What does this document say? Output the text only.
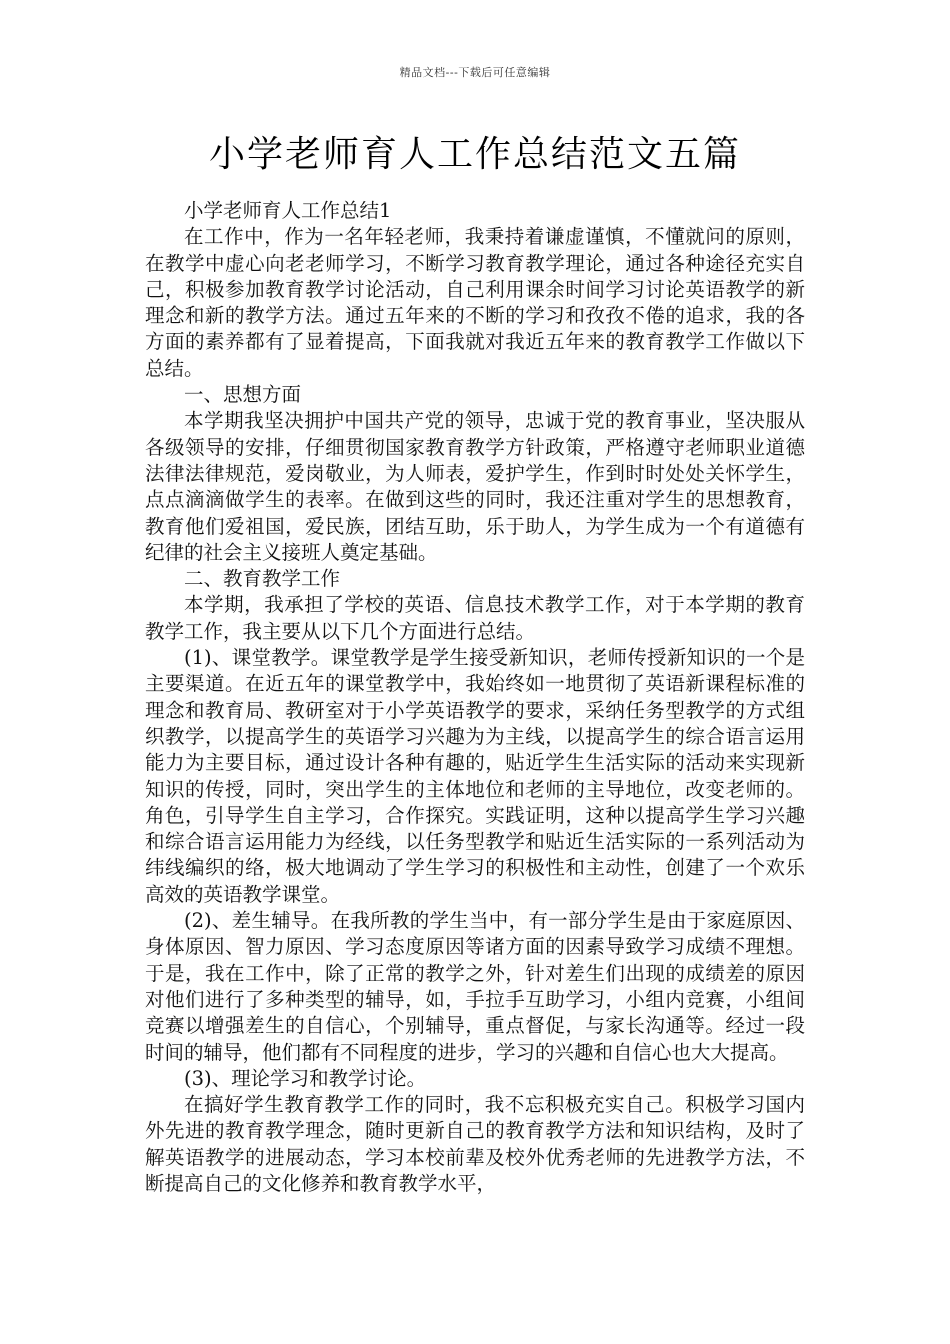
精品文档---下载后可任意编辑
小学老师育人工作总结范文五篇

小学老师育人工作总结1

在工作中，作为一名年轻老师，我秉持着谦虚谨慎，不懂就问的原则，在教学中虚心向老老师学习，不断学习教育教学理论，通过各种途径充实自己，积极参加教育教学讨论活动，自己利用课余时间学习讨论英语教学的新理念和新的教学方法。通过五年来的不断的学习和孜孜不倦的追求，我的各方面的素养都有了显着提高，下面我就对我近五年来的教育教学工作做以下总结。

一、思想方面

本学期我坚决拥护中国共产党的领导，忠诚于党的教育事业，坚决服从各级领导的安排，仔细贯彻国家教育教学方针政策，严格遵守老师职业道德法律法律规范，爱岗敬业，为人师表，爱护学生，作到时时处处关怀学生，点点滴滴做学生的表率。在做到这些的同时，我还注重对学生的思想教育，教育他们爱祖国，爱民族，团结互助，乐于助人，为学生成为一个有道德有纪律的社会主义接班人奠定基础。

二、教育教学工作

本学期，我承担了学校的英语、信息技术教学工作，对于本学期的教育教学工作，我主要从以下几个方面进行总结。

(1)、课堂教学。课堂教学是学生接受新知识，老师传授新知识的一个是主要渠道。在近五年的课堂教学中，我始终如一地贯彻了英语新课程标准的理念和教育局、教研室对于小学英语教学的要求，采纳任务型教学的方式组织教学，以提高学生的英语学习兴趣为为主线，以提高学生的综合语言运用能力为主要目标，通过设计各种有趣的，贴近学生生活实际的活动来实现新知识的传授，同时，突出学生的主体地位和老师的主导地位，改变老师的。角色，引导学生自主学习，合作探究。实践证明，这种以提高学生学习兴趣和综合语言运用能力为经线，以任务型教学和贴近生活实际的一系列活动为纬线编织的络，极大地调动了学生学习的积极性和主动性，创建了一个欢乐高效的英语教学课堂。

(2)、差生辅导。在我所教的学生当中，有一部分学生是由于家庭原因、身体原因、智力原因、学习态度原因等诸方面的因素导致学习成绩不理想。于是，我在工作中，除了正常的教学之外，针对差生们出现的成绩差的原因对他们进行了多种类型的辅导，如，手拉手互助学习，小组内竞赛，小组间竞赛以增强差生的自信心，个别辅导，重点督促，与家长沟通等。经过一段时间的辅导，他们都有不同程度的进步，学习的兴趣和自信心也大大提高。

(3)、理论学习和教学讨论。

在搞好学生教育教学工作的同时，我不忘积极充实自己。积极学习国内外先进的教育教学理念，随时更新自己的教育教学方法和知识结构，及时了解英语教学的进展动态，学习本校前辈及校外优秀老师的先进教学方法，不断提高自己的文化修养和教育教学水平，
